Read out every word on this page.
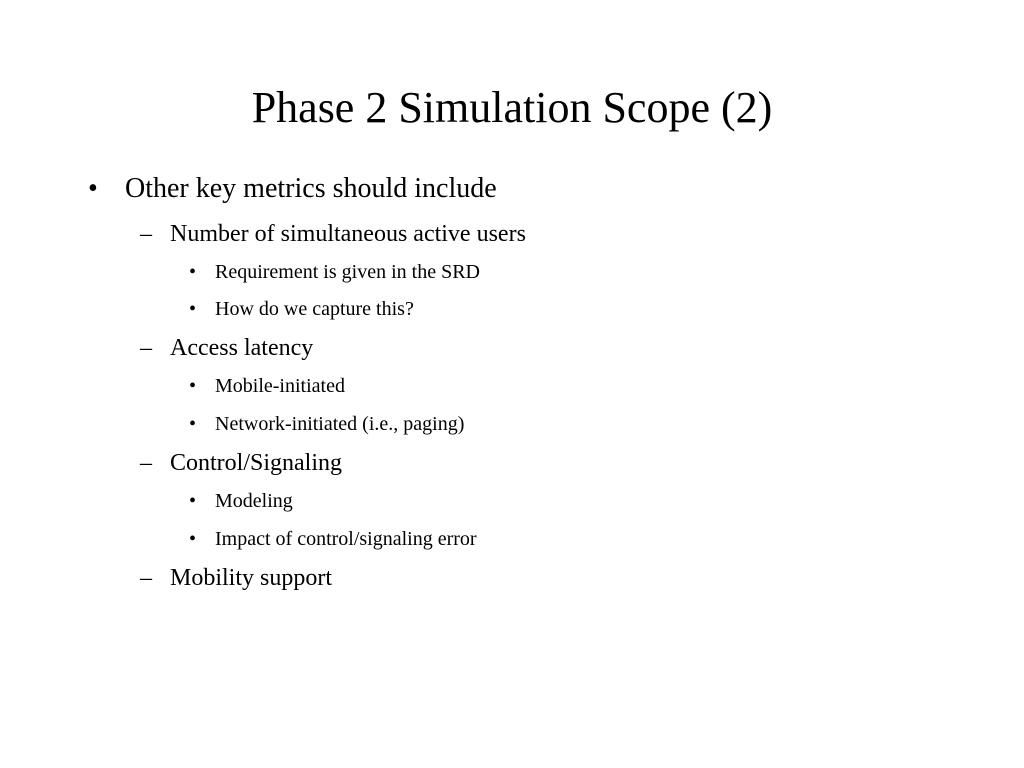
Phase 2 Simulation Scope (2)
• Other key metrics should include
– Number of simultaneous active users
• Requirement is given in the SRD
• How do we capture this?
– Access latency
• Mobile-initiated
• Network-initiated (i.e., paging)
– Control/Signaling
• Modeling
• Impact of control/signaling error
– Mobility support
